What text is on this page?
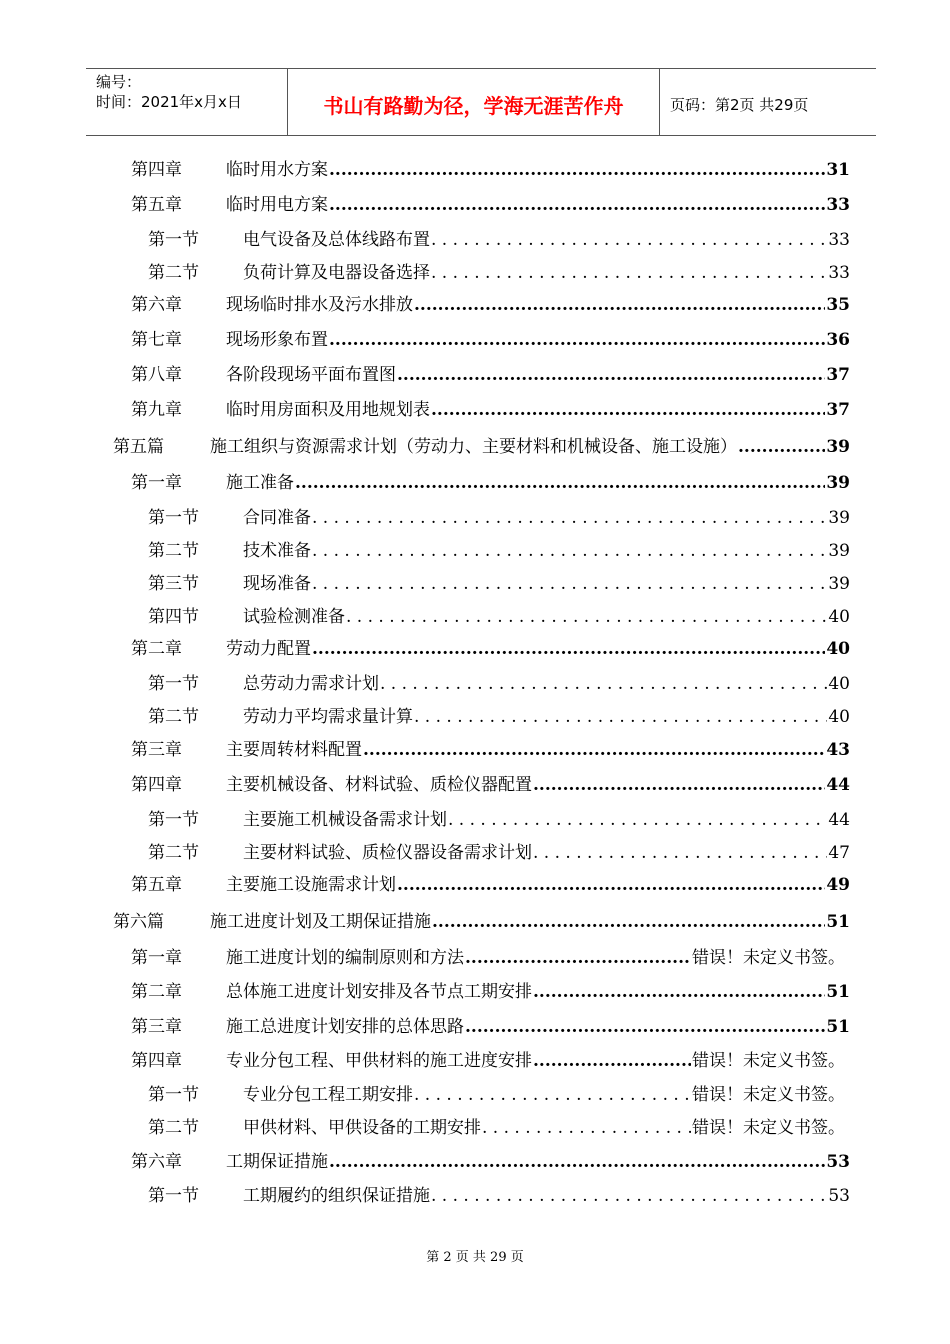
编号：
时间：2021年x月x日	书山有路勤为径，学海无涯苦作舟	页码：第2页 共29页
第四章	临时用水方案 .....	31
第五章	临时用电方案 .....	33
第一节	电气设备及总体线路布置 . . .	33
第二节	负荷计算及电器设备选择 . . .	33
第六章	现场临时排水及污水排放 .....	35
第七章	现场形象布置 .....	36
第八章	各阶段现场平面布置图 .....	37
第九章	临时用房面积及用地规划表 .....	37
第五篇	施工组织与资源需求计划（劳动力、主要材料和机械设备、施工设施） .....	39
第一章	施工准备 .....	39
第一节	合同准备 . . .	39
第二节	技术准备 . . .	39
第三节	现场准备 . . .	39
第四节	试验检测准备 . . .	40
第二章	劳动力配置 .....	40
第一节	总劳动力需求计划 . . .	40
第二节	劳动力平均需求量计算 . . .	40
第三章	主要周转材料配置 .....	43
第四章	主要机械设备、材料试验、质检仪器配置 .....	44
第一节	主要施工机械设备需求计划 . . .	44
第二节	主要材料试验、质检仪器设备需求计划 . . .	47
第五章	主要施工设施需求计划 .....	49
第六篇	施工进度计划及工期保证措施 .....	51
第一章	施工进度计划的编制原则和方法 .....	错误！未定义书签。
第二章	总体施工进度计划安排及各节点工期安排 .....	51
第三章	施工总进度计划安排的总体思路 .....	51
第四章	专业分包工程、甲供材料的施工进度安排 .....	错误！未定义书签。
第一节	专业分包工程工期安排 . . .	错误！未定义书签。
第二节	甲供材料、甲供设备的工期安排 . . .	错误！未定义书签。
第六章	工期保证措施 .....	53
第一节	工期履约的组织保证措施 . . .	53
第 2 页 共 29 页
